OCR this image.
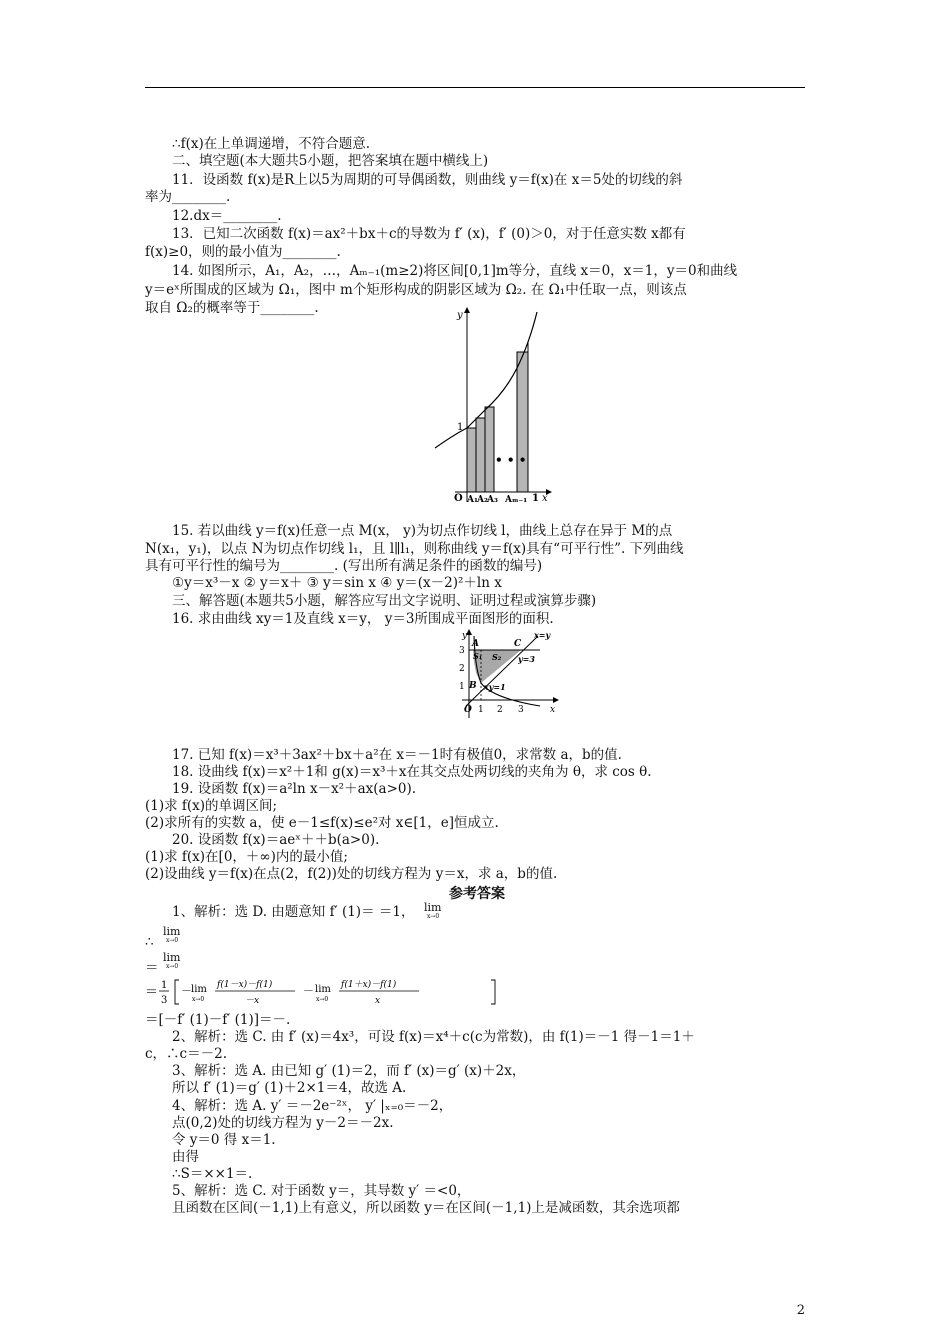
∴f(x)在上单调递增，不符合题意.
二、填空题(本大题共5小题，把答案填在题中横线上)
11．设函数 f(x)是R上以5为周期的可导偶函数，则曲线 y＝f(x)在 x＝5处的切线的斜
率为________.
12.dx＝________.
13．已知二次函数 f(x)＝ax²＋bx＋c的导数为 f′ (x)，f′ (0)＞0，对于任意实数 x都有
f(x)≥0，则的最小值为________.
14. 如图所示，A₁，A₂，…，Aₘ₋₁(m≥2)将区间[0,1]m等分，直线 x＝0，x＝1，y＝0和曲线
y＝eˣ所围成的区域为 Ω₁，图中 m个矩形构成的阴影区域为 Ω₂. 在 Ω₁中任取一点，则该点
取自 Ω₂的概率等于________.	y
x
1
O A₁ A₂ A₃ Aₘ₋₁ 1
• • •
15. 若以曲线 y＝f(x)任意一点 M(x， y)为切点作切线 l，曲线上总存在异于 M的点
N(x₁，y₁)，以点 N为切点作切线 l₁，且 l∥l₁，则称曲线 y＝f(x)具有“可平行性”. 下列曲线
具有可平行性的编号为________. (写出所有满足条件的函数的编号)
①y＝x³－x ② y＝x＋ ③ y＝sin x ④ y＝(x－2)²＋ln x
三、解答题(本题共5小题，解答应写出文字说明、证明过程或演算步骤)
16. 求由曲线 xy＝1及直线 x＝y， y＝3所围成平面图形的面积.
y
x
x=y
y=3
xy=1
A
B
C
S₁ S₂
3
2
1
O 1 2 3
17. 已知 f(x)＝x³＋3ax²＋bx＋a²在 x＝－1时有极值0，求常数 a，b的值.
18. 设曲线 f(x)＝x²＋1和 g(x)＝x³＋x在其交点处两切线的夹角为 θ，求 cos θ.
19. 设函数 f(x)＝a²ln x－x²＋ax(a>0).
(1)求 f(x)的单调区间;
(2)求所有的实数 a，使 e－1≤f(x)≤e²对 x∈[1，e]恒成立.
20. 设函数 f(x)＝aeˣ＋＋b(a>0).
(1)求 f(x)在[0，＋∞)内的最小值;
(2)设曲线 y＝f(x)在点(2，f(2))处的切线方程为 y＝x，求 a，b的值.
参考答案
1、解析：选 D. 由题意知 f′ (1)＝ ＝1， lim
x→0
∴
lim
x→0
＝
lim
x→0
＝ 1
3
－ lim
x→0
f(1－x)－f(1)
－x
－ lim
x→0
f(1＋x)－f(1)
x
＝[－f′ (1)－f′ (1)]＝－.
2、解析：选 C. 由 f′ (x)＝4x³，可设 f(x)＝x⁴＋c(c为常数)，由 f(1)＝－1 得－1＝1＋
c，∴c＝－2.
3、解析：选 A. 由已知 g′ (1)＝2，而 f′ (x)＝g′ (x)＋2x，
所以 f′ (1)＝g′ (1)＋2×1＝4，故选 A.
4、解析：选 A. y′ ＝－2e⁻²ˣ， y′ |ₓ₌₀＝－2，
点(0,2)处的切线方程为 y－2＝－2x.
令 y＝0 得 x＝1.
由得
∴S＝××1＝.
5、解析：选 C. 对于函数 y＝，其导数 y′ ＝<0，
且函数在区间(－1,1)上有意义，所以函数 y＝在区间(－1,1)上是减函数，其余选项都
2
